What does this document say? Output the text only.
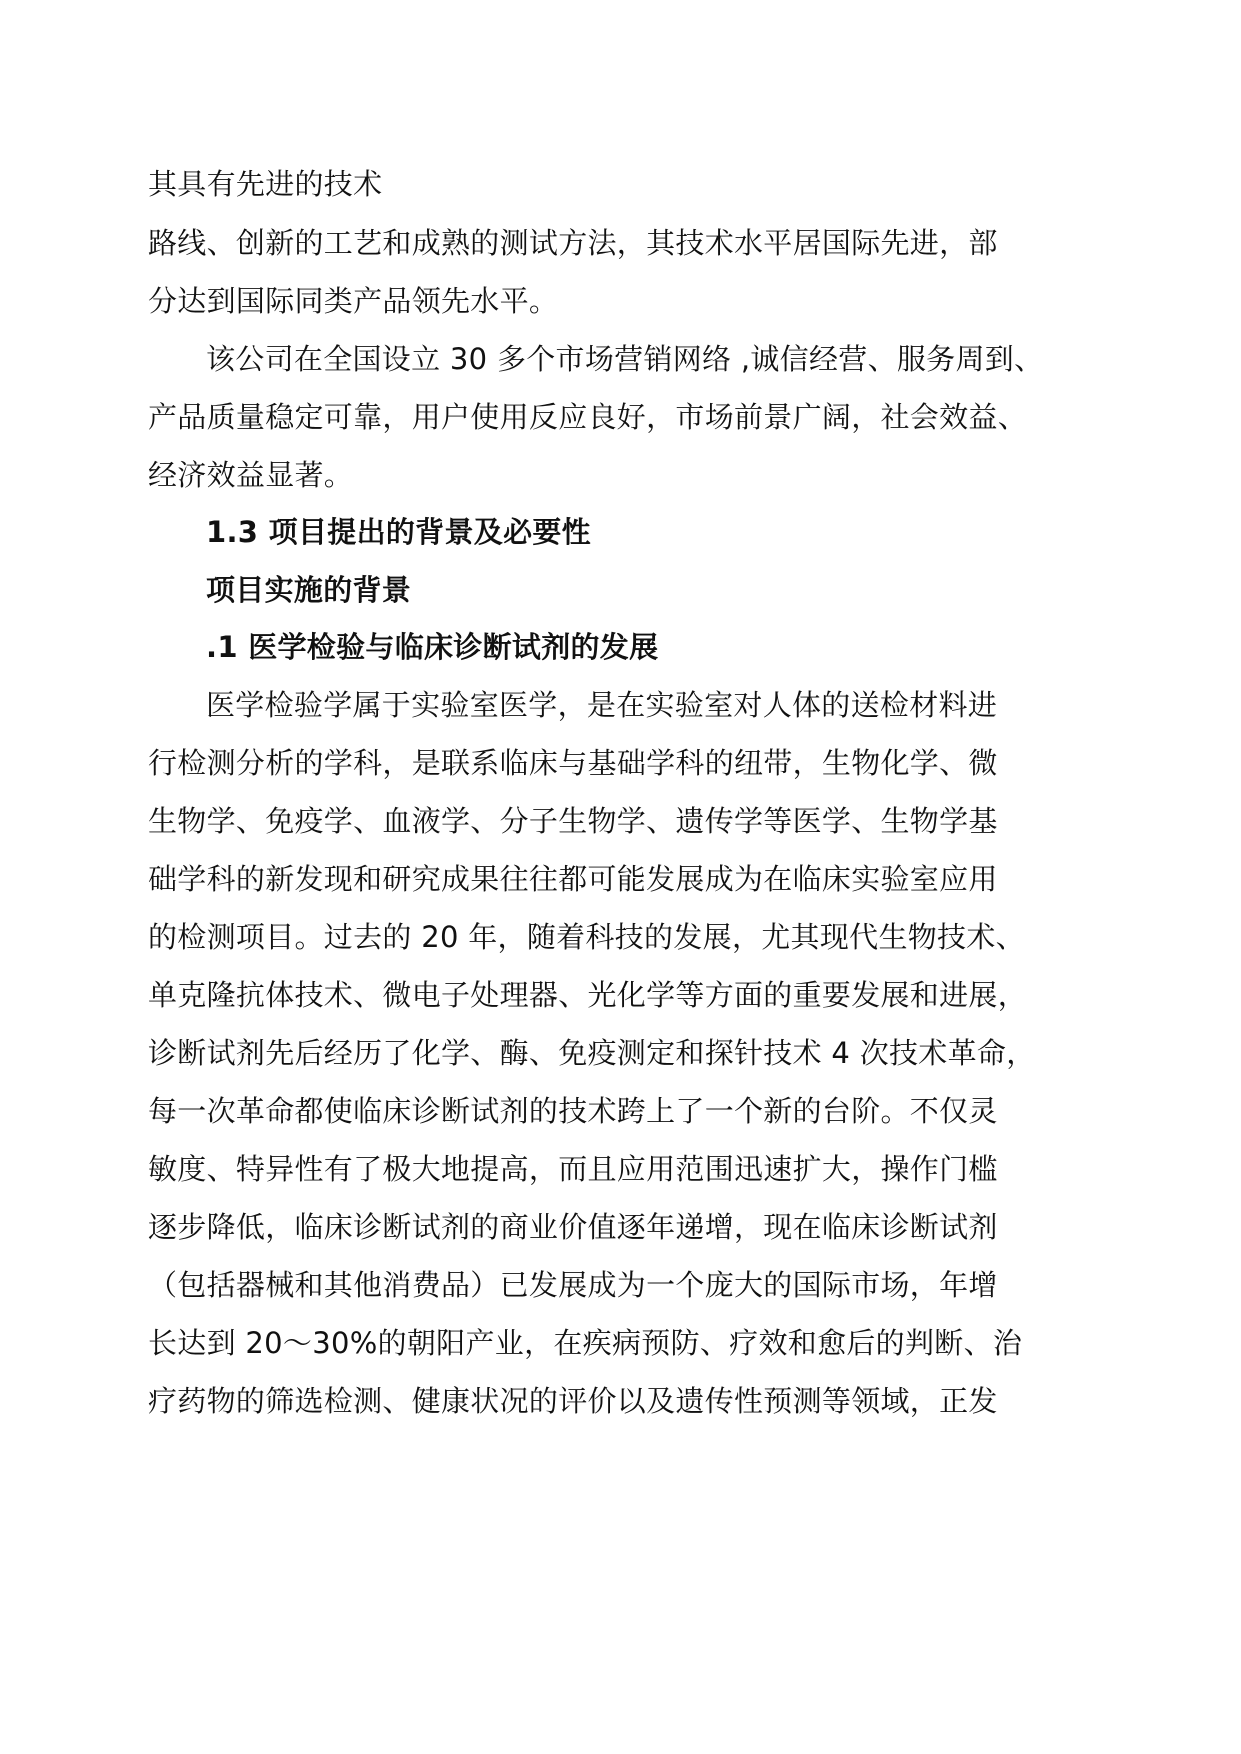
其具有先进的技术
路线、创新的工艺和成熟的测试方法，其技术水平居国际先进，部
分达到国际同类产品领先水平。
该公司在全国设立 30 多个市场营销网络 ,诚信经营、服务周到、
产品质量稳定可靠，用户使用反应良好，市场前景广阔，社会效益、
经济效益显著。
1.3 项目提出的背景及必要性
项目实施的背景
.1 医学检验与临床诊断试剂的发展
医学检验学属于实验室医学，是在实验室对人体的送检材料进
行检测分析的学科，是联系临床与基础学科的纽带，生物化学、微
生物学、免疫学、血液学、分子生物学、遗传学等医学、生物学基
础学科的新发现和研究成果往往都可能发展成为在临床实验室应用
的检测项目。过去的 20 年，随着科技的发展，尤其现代生物技术、
单克隆抗体技术、微电子处理器、光化学等方面的重要发展和进展，
诊断试剂先后经历了化学、酶、免疫测定和探针技术 4 次技术革命，
每一次革命都使临床诊断试剂的技术跨上了一个新的台阶。不仅灵
敏度、特异性有了极大地提高，而且应用范围迅速扩大，操作门槛
逐步降低，临床诊断试剂的商业价值逐年递增，现在临床诊断试剂
（包括器械和其他消费品）已发展成为一个庞大的国际市场，年增
长达到 20～30%的朝阳产业，在疾病预防、疗效和愈后的判断、治
疗药物的筛选检测、健康状况的评价以及遗传性预测等领域，正发
